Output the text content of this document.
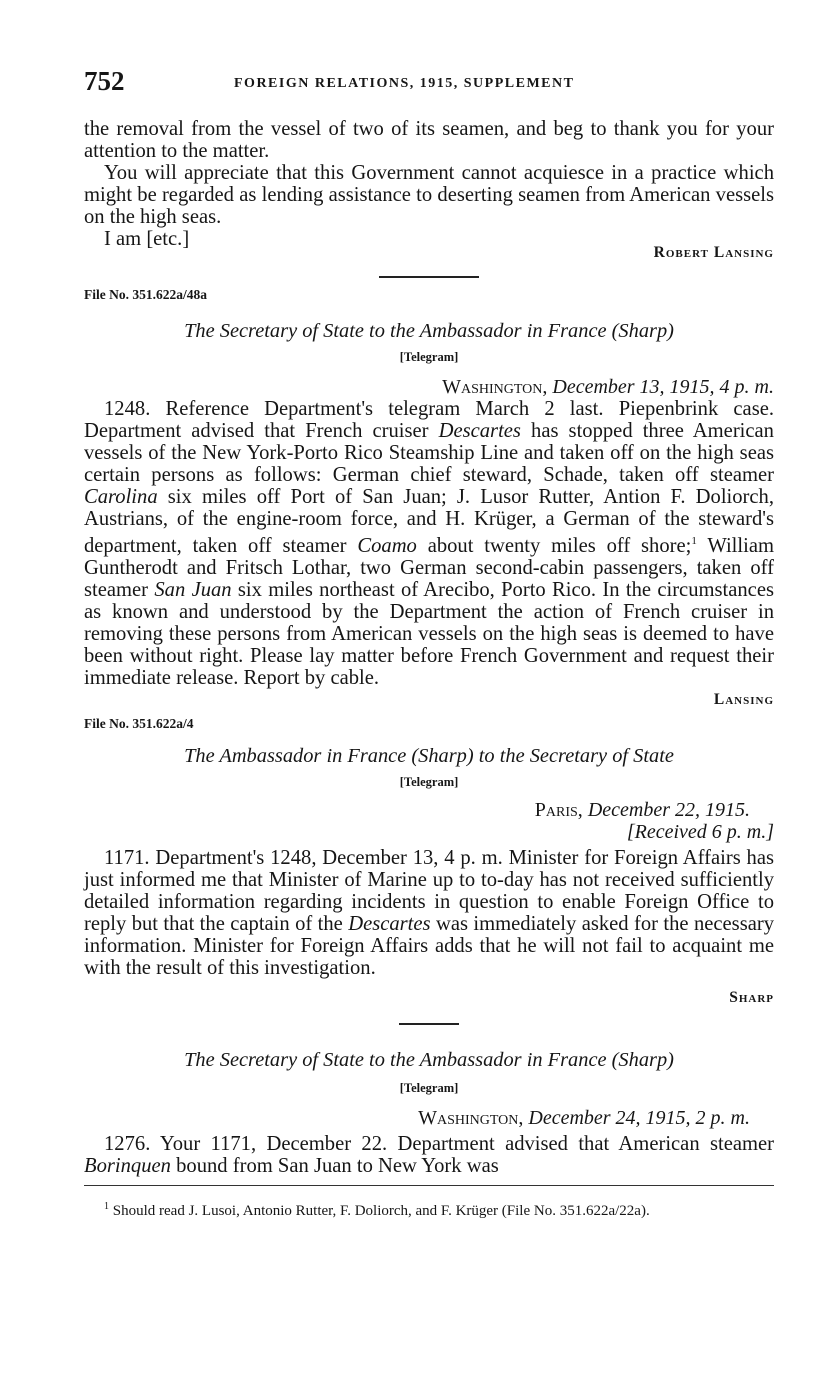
752	FOREIGN RELATIONS, 1915, SUPPLEMENT

the removal from the vessel of two of its seamen, and beg to thank you for your attention to the matter.

You will appreciate that this Government cannot acquiesce in a practice which might be regarded as lending assistance to deserting seamen from American vessels on the high seas.

I am [etc.]

Robert Lansing

File No. 351.622a/48a

The Secretary of State to the Ambassador in France (Sharp)

[Telegram]

Washington, December 13, 1915, 4 p. m.

1248. Reference Department's telegram March 2 last. Piepenbrink case. Department advised that French cruiser Descartes has stopped three American vessels of the New York-Porto Rico Steamship Line and taken off on the high seas certain persons as follows: German chief steward, Schade, taken off steamer Carolina six miles off Port of San Juan; J. Lusor Rutter, Antion F. Doliorch, Austrians, of the engine-room force, and H. Krüger, a German of the steward's department, taken off steamer Coamo about twenty miles off shore;$^1$ William Guntherodt and Fritsch Lothar, two German second-cabin passengers, taken off steamer San Juan six miles northeast of Arecibo, Porto Rico. In the circumstances as known and understood by the Department the action of French cruiser in removing these persons from American vessels on the high seas is deemed to have been without right. Please lay matter before French Government and request their immediate release. Report by cable.

Lansing

File No. 351.622a/4

The Ambassador in France (Sharp) to the Secretary of State

[Telegram]

Paris, December 22, 1915.

[Received 6 p. m.]

1171. Department's 1248, December 13, 4 p. m. Minister for Foreign Affairs has just informed me that Minister of Marine up to to-day has not received sufficiently detailed information regarding incidents in question to enable Foreign Office to reply but that the captain of the Descartes was immediately asked for the necessary information. Minister for Foreign Affairs adds that he will not fail to acquaint me with the result of this investigation.

Sharp

The Secretary of State to the Ambassador in France (Sharp)

[Telegram]

Washington, December 24, 1915, 2 p. m.

1276. Your 1171, December 22. Department advised that American steamer Borinquen bound from San Juan to New York was

$^1$ Should read J. Lusoi, Antonio Rutter, F. Doliorch, and F. Krüger (File No. 351.622a/22a).
